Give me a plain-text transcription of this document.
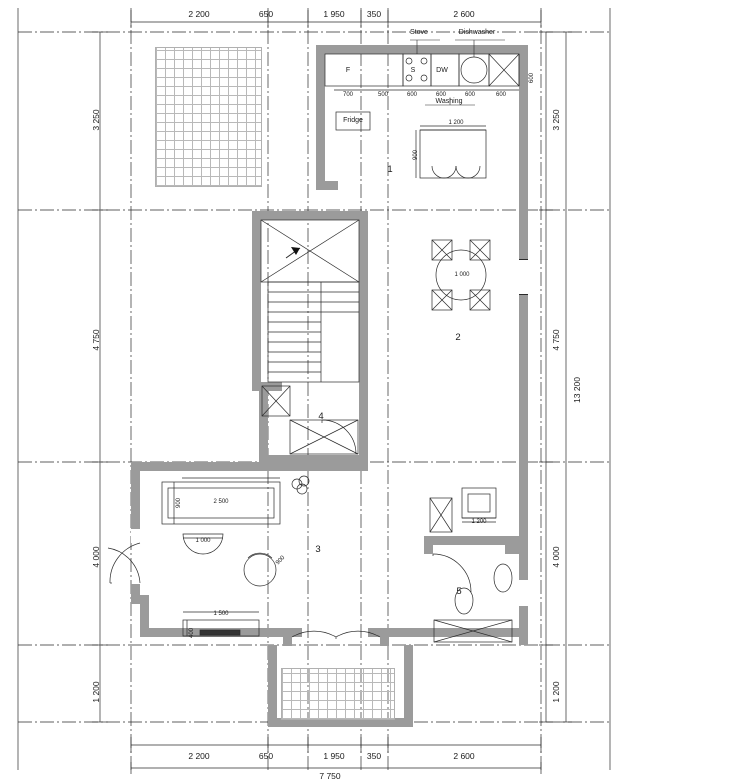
2 200	650	1 950	350	2 600
2 200	650	1 950	350	2 600
7 750
3 250
4 750
4 000
1 200
3 250
4 750
4 000
1 200
13 200
600
1
2
3
4
5
Stove	Dishwasher
Fridge
Washing
F	S	DW
700	500	600	600	600	600
1 200
900
1 000
2 500
900
1 000
900
1 500
400
1 200
